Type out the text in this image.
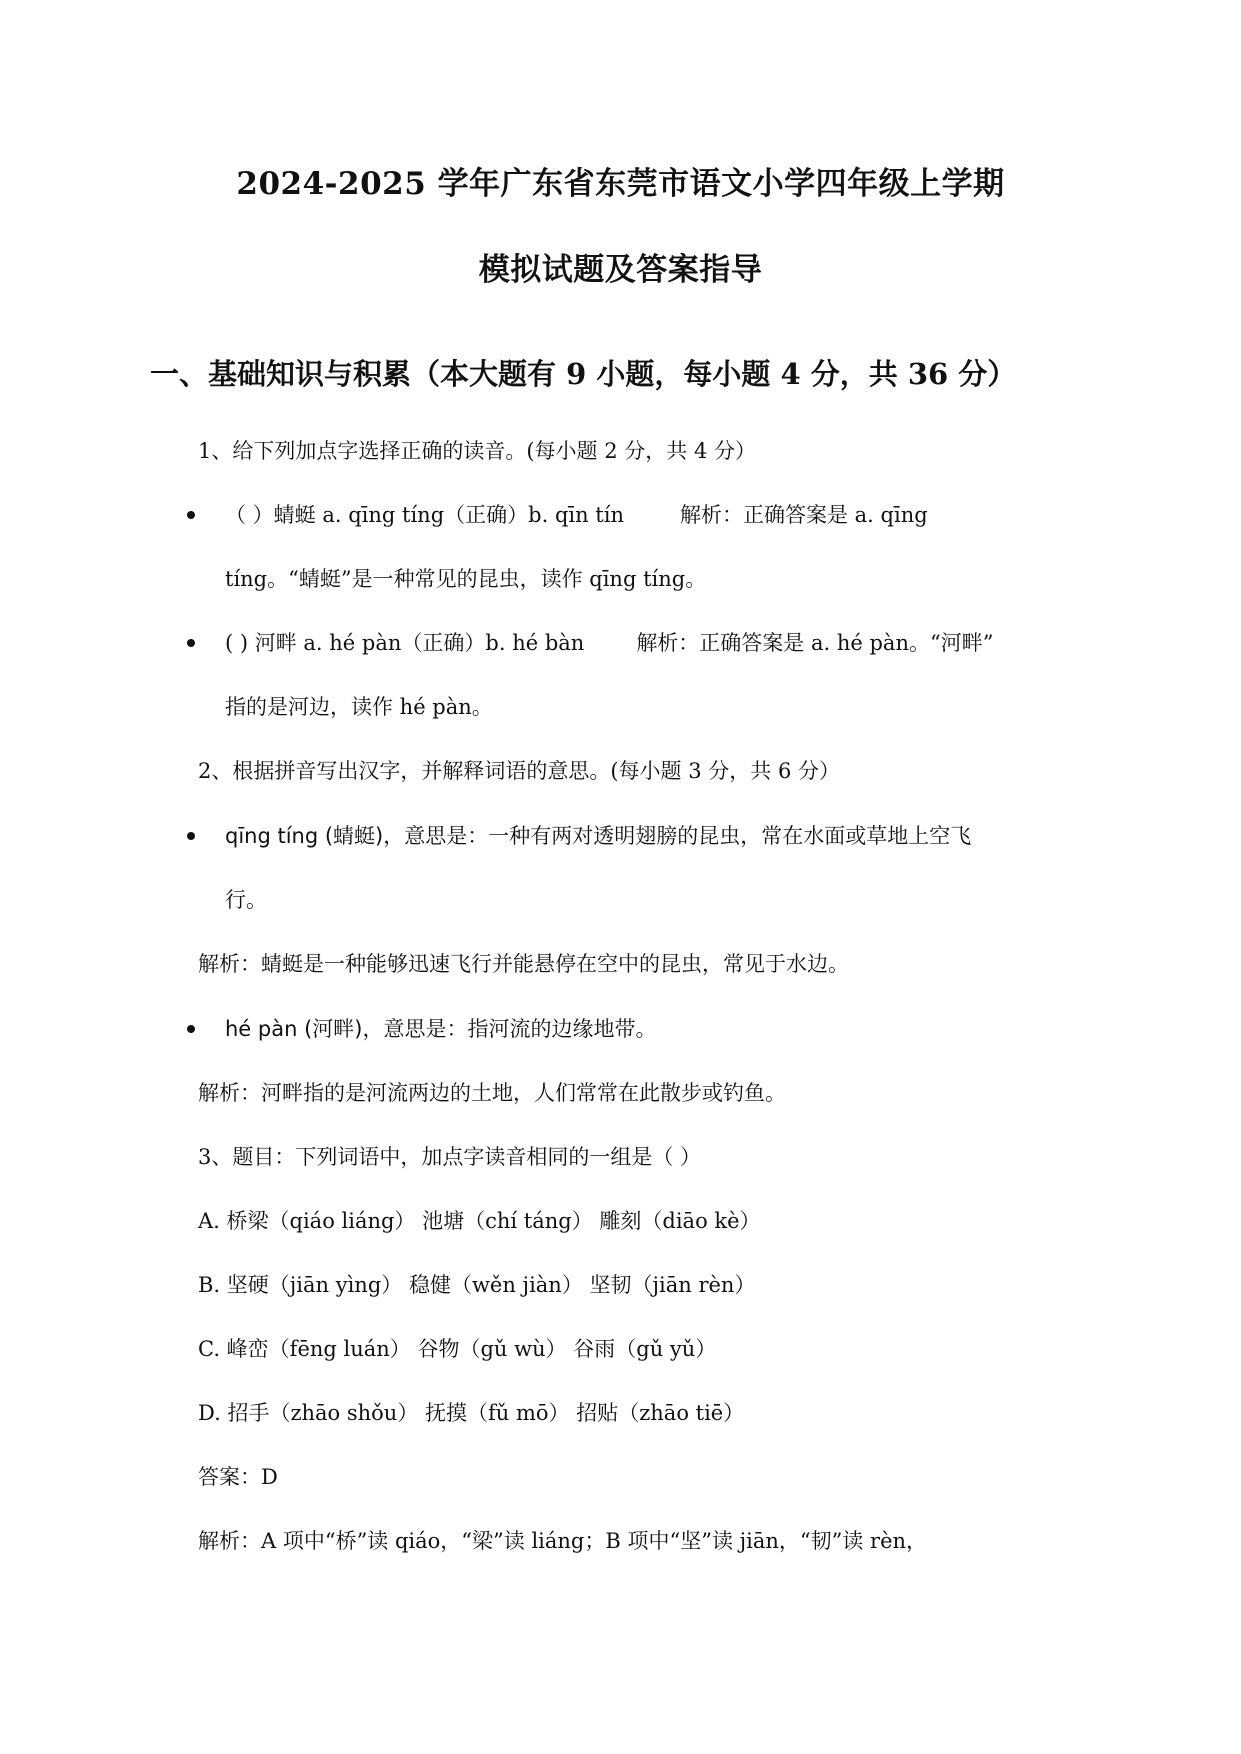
2024-2025 学年广东省东莞市语文小学四年级上学期
模拟试题及答案指导
一、基础知识与积累（本大题有 9 小题，每小题 4 分，共 36 分）
1、给下列加点字选择正确的读音。(每小题 2 分，共 4 分）
（ ）蜻蜓 a. qīng tíng（正确）b. qīn tín	解析：正确答案是 a. qīng
tíng。“蜻蜓”是一种常见的昆虫，读作 qīng tíng。
( ) 河畔 a. hé pàn（正确）b. hé bàn 解析：正确答案是 a. hé pàn。“河畔”
指的是河边，读作 hé pàn。
2、根据拼音写出汉字，并解释词语的意思。(每小题 3 分，共 6 分）
qīng tíng (蜻蜓)，意思是：一种有两对透明翅膀的昆虫，常在水面或草地上空飞
行。
解析：蜻蜓是一种能够迅速飞行并能悬停在空中的昆虫，常见于水边。
hé pàn (河畔)，意思是：指河流的边缘地带。
解析：河畔指的是河流两边的土地，人们常常在此散步或钓鱼。
3、题目：下列词语中，加点字读音相同的一组是（ ）
A. 桥梁（qiáo liáng） 池塘（chí táng） 雕刻（diāo kè）
B. 坚硬（jiān yìng） 稳健（wěn jiàn） 坚韧（jiān rèn）
C. 峰峦（fēng luán） 谷物（gǔ wù） 谷雨（gǔ yǔ）
D. 招手（zhāo shǒu） 抚摸（fǔ mō） 招贴（zhāo tiē）
答案：D
解析：A 项中“桥”读 qiáo，“梁”读 liáng；B 项中“坚”读 jiān，“韧”读 rèn，
